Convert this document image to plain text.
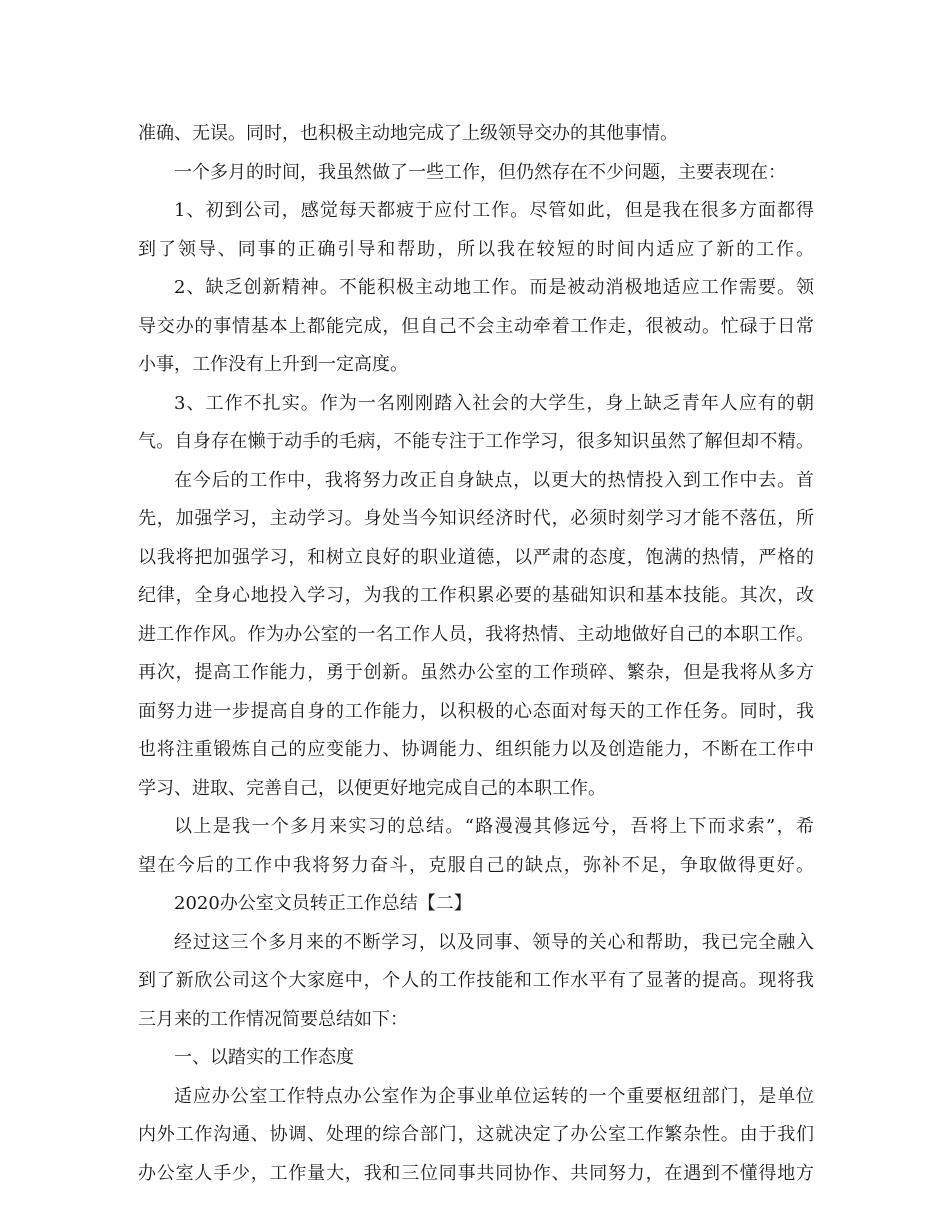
准确、无误。同时，也积极主动地完成了上级领导交办的其他事情。
一个多月的时间，我虽然做了一些工作，但仍然存在不少问题，主要表现在：
1、初到公司，感觉每天都疲于应付工作。尽管如此，但是我在很多方面都得
到了领导、同事的正确引导和帮助，所以我在较短的时间内适应了新的工作。
2、缺乏创新精神。不能积极主动地工作。而是被动消极地适应工作需要。领
导交办的事情基本上都能完成，但自己不会主动牵着工作走，很被动。忙碌于日常
小事，工作没有上升到一定高度。
3、工作不扎实。作为一名刚刚踏入社会的大学生，身上缺乏青年人应有的朝
气。自身存在懒于动手的毛病，不能专注于工作学习，很多知识虽然了解但却不精。
在今后的工作中，我将努力改正自身缺点，以更大的热情投入到工作中去。首
先，加强学习，主动学习。身处当今知识经济时代，必须时刻学习才能不落伍，所
以我将把加强学习，和树立良好的职业道德，以严肃的态度，饱满的热情，严格的
纪律，全身心地投入学习，为我的工作积累必要的基础知识和基本技能。其次，改
进工作作风。作为办公室的一名工作人员，我将热情、主动地做好自己的本职工作。
再次，提高工作能力，勇于创新。虽然办公室的工作琐碎、繁杂，但是我将从多方
面努力进一步提高自身的工作能力，以积极的心态面对每天的工作任务。同时，我
也将注重锻炼自己的应变能力、协调能力、组织能力以及创造能力，不断在工作中
学习、进取、完善自己，以便更好地完成自己的本职工作。
以上是我一个多月来实习的总结。“路漫漫其修远兮，吾将上下而求索”，希
望在今后的工作中我将努力奋斗，克服自己的缺点，弥补不足，争取做得更好。
2020办公室文员转正工作总结【二】
经过这三个多月来的不断学习，以及同事、领导的关心和帮助，我已完全融入
到了新欣公司这个大家庭中，个人的工作技能和工作水平有了显著的提高。现将我
三月来的工作情况简要总结如下：
一、以踏实的工作态度
适应办公室工作特点办公室作为企事业单位运转的一个重要枢纽部门，是单位
内外工作沟通、协调、处理的综合部门，这就决定了办公室工作繁杂性。由于我们
办公室人手少，工作量大，我和三位同事共同协作、共同努力，在遇到不懂得地方
